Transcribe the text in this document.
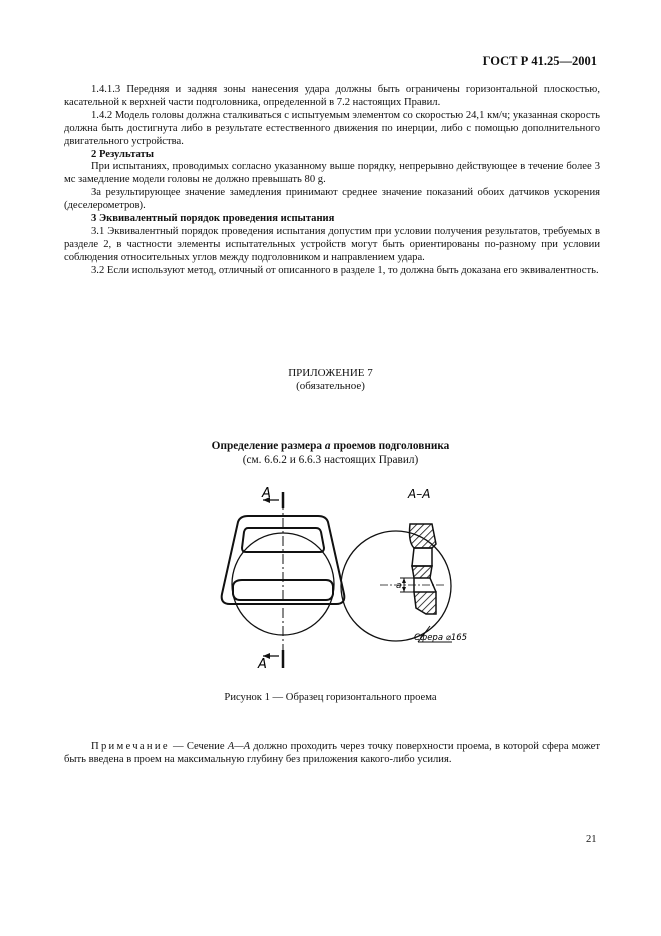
ГОСТ Р 41.25—2001

1.4.1.3 Передняя и задняя зоны нанесения удара должны быть ограничены горизонтальной плоскостью, касательной к верхней части подголовника, определенной в 7.2 настоящих Правил.

1.4.2 Модель головы должна сталкиваться с испытуемым элементом со скоростью 24,1 км/ч; указанная скорость должна быть достигнута либо в результате естественного движения по инерции, либо с помощью дополнительного двигательного устройства.

2 Результаты

При испытаниях, проводимых согласно указанному выше порядку, непрерывно действующее в течение более 3 мс замедление модели головы не должно превышать 80 g.

За результирующее значение замедления принимают среднее значение показаний обоих датчиков ускорения (деселерометров).

3 Эквивалентный порядок проведения испытания

3.1 Эквивалентный порядок проведения испытания допустим при условии получения результатов, требуемых в разделе 2, в частности элементы испытательных устройств могут быть ориентированы по-разному при условии соблюдения относительных углов между подголовником и направлением удара.

3.2 Если используют метод, отличный от описанного в разделе 1, то должна быть доказана его эквивалентность.

ПРИЛОЖЕНИЕ 7
(обязательное)
Определение размера a проемов подголовника
(см. 6.6.2 и 6.6.3 настоящих Правил)
A
A
A–A
a
Сфера ⌀165
Рисунок 1 — Образец горизонтального проема
Примечание — Сечение А—А должно проходить через точку поверхности проема, в которой сфера может быть введена в проем на максимальную глубину без приложения какого-либо усилия.
21
